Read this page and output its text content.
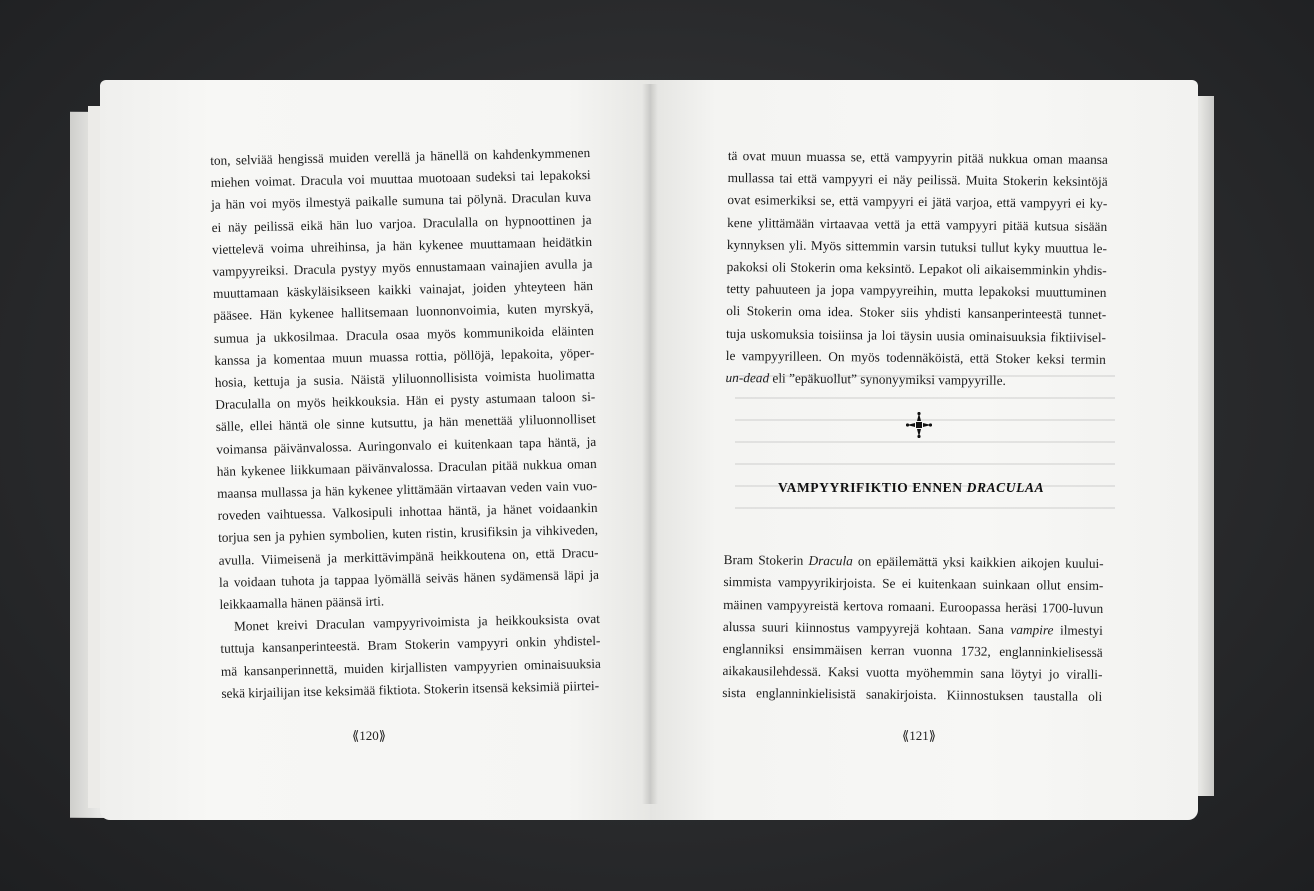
ton, selviää hengissä muiden verellä ja hänellä on kahdenkymmenen
miehen voimat. Dracula voi muuttaa muotoaan sudeksi tai lepakoksi
ja hän voi myös ilmestyä paikalle sumuna tai pölynä. Draculan kuva
ei näy peilissä eikä hän luo varjoa. Draculalla on hypnoottinen ja
viettelevä voima uhreihinsa, ja hän kykenee muuttamaan heidätkin
vampyyreiksi. Dracula pystyy myös ennustamaan vainajien avulla ja
muuttamaan käskyläisikseen kaikki vainajat, joiden yhteyteen hän
pääsee. Hän kykenee hallitsemaan luonnonvoimia, kuten myrskyä,
sumua ja ukkosilmaa. Dracula osaa myös kommunikoida eläinten
kanssa ja komentaa muun muassa rottia, pöllöjä, lepakoita, yöper-
hosia, kettuja ja susia. Näistä yliluonnollisista voimista huolimatta
Draculalla on myös heikkouksia. Hän ei pysty astumaan taloon si-
sälle, ellei häntä ole sinne kutsuttu, ja hän menettää yliluonnolliset
voimansa päivänvalossa. Auringonvalo ei kuitenkaan tapa häntä, ja
hän kykenee liikkumaan päivänvalossa. Draculan pitää nukkua oman
maansa mullassa ja hän kykenee ylittämään virtaavan veden vain vuo-
roveden vaihtuessa. Valkosipuli inhottaa häntä, ja hänet voidaankin
torjua sen ja pyhien symbolien, kuten ristin, krusifiksin ja vihkiveden,
avulla. Viimeisenä ja merkittävimpänä heikkoutena on, että Dracu-
la voidaan tuhota ja tappaa lyömällä seiväs hänen sydämensä läpi ja
leikkaamalla hänen päänsä irti.
Monet kreivi Draculan vampyyrivoimista ja heikkouksista ovat
tuttuja kansanperinteestä. Bram Stokerin vampyyri onkin yhdistel-
mä kansanperinnettä, muiden kirjallisten vampyyrien ominaisuuksia
sekä kirjailijan itse keksimää fiktiota. Stokerin itsensä keksimiä piirtei-
tä ovat muun muassa se, että vampyyrin pitää nukkua oman maansa
mullassa tai että vampyyri ei näy peilissä. Muita Stokerin keksintöjä
ovat esimerkiksi se, että vampyyri ei jätä varjoa, että vampyyri ei ky-
kene ylittämään virtaavaa vettä ja että vampyyri pitää kutsua sisään
kynnyksen yli. Myös sittemmin varsin tutuksi tullut kyky muuttua le-
pakoksi oli Stokerin oma keksintö. Lepakot oli aikaisemminkin yhdis-
tetty pahuuteen ja jopa vampyyreihin, mutta lepakoksi muuttuminen
oli Stokerin oma idea. Stoker siis yhdisti kansanperinteestä tunnet-
tuja uskomuksia toisiinsa ja loi täysin uusia ominaisuuksia fiktiivisel-
le vampyyrilleen. On myös todennäköistä, että Stoker keksi termin
un-dead eli ”epäkuollut” synonyymiksi vampyyrille.
Bram Stokerin Dracula on epäilemättä yksi kaikkien aikojen kuului-
simmista vampyyrikirjoista. Se ei kuitenkaan suinkaan ollut ensim-
mäinen vampyyreistä kertova romaani. Euroopassa heräsi 1700-luvun
alussa suuri kiinnostus vampyyrejä kohtaan. Sana vampire ilmestyi
englanniksi ensimmäisen kerran vuonna 1732, englanninkielisessä
aikakausilehdessä. Kaksi vuotta myöhemmin sana löytyi jo viralli-
sista englanninkielisistä sanakirjoista. Kiinnostuksen taustalla oli
VAMPYYRIFIKTIO ENNEN DRACULAA
⟪120⟫	⟪121⟫
